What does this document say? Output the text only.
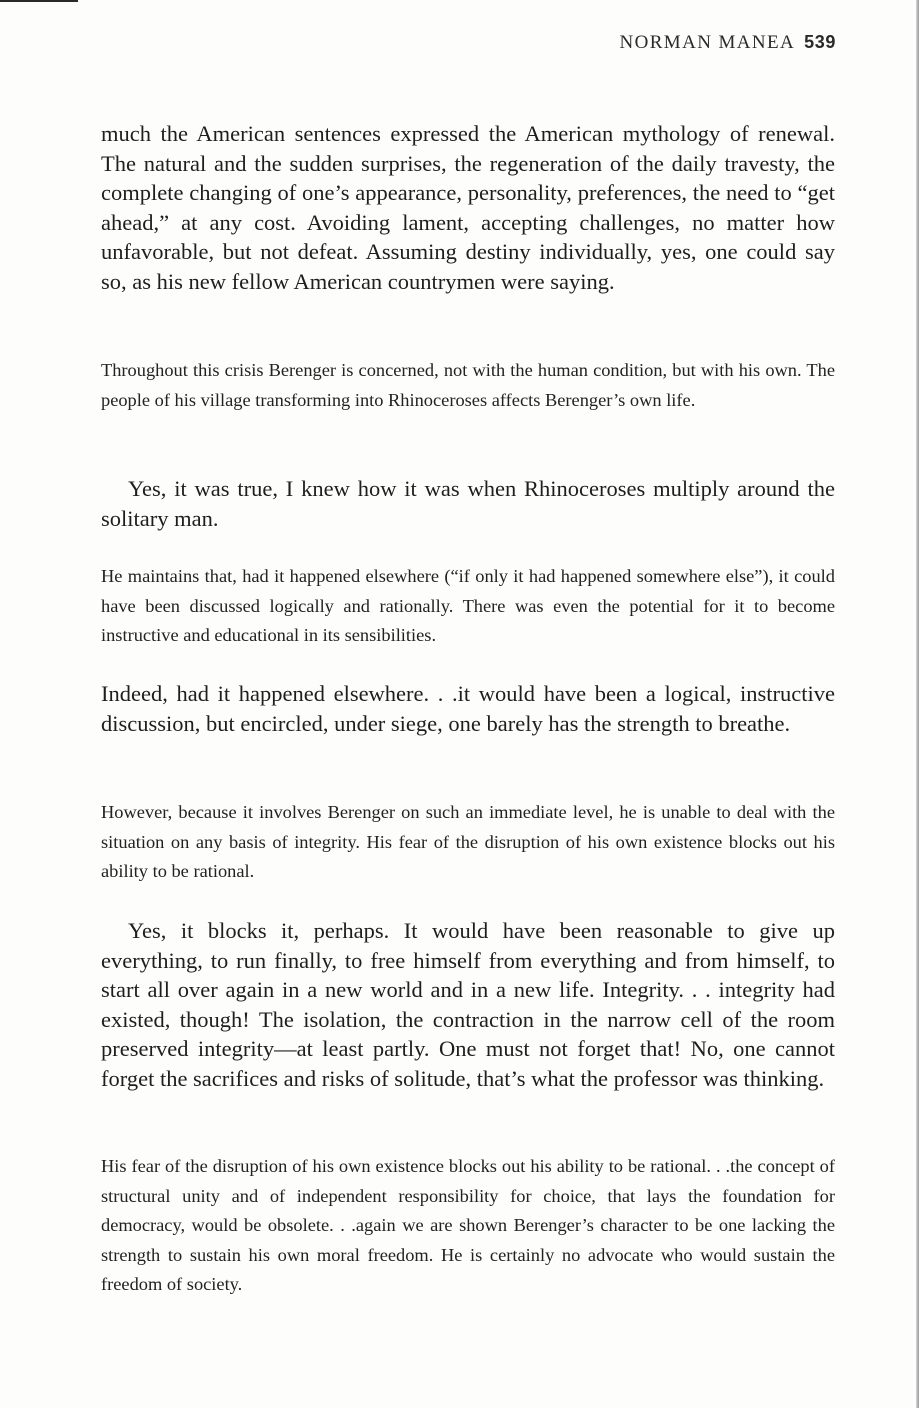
NORMAN MANEA 539

much the American sentences expressed the American mythology of renewal. The natural and the sudden surprises, the regeneration of the daily travesty, the complete changing of one’s appearance, personality, preferences, the need to “get ahead,” at any cost. Avoiding lament, accepting challenges, no matter how unfavorable, but not defeat. Assuming destiny individually, yes, one could say so, as his new fellow American countrymen were saying.

Throughout this crisis Berenger is concerned, not with the human condition, but with his own. The people of his village transforming into Rhinoceroses affects Berenger’s own life.

Yes, it was true, I knew how it was when Rhinoceroses multiply around the solitary man.

He maintains that, had it happened elsewhere (“if only it had happened somewhere else”), it could have been discussed logically and rationally. There was even the potential for it to become instructive and educational in its sensibilities.

Indeed, had it happened elsewhere. . .it would have been a logical, instructive discussion, but encircled, under siege, one barely has the strength to breathe.

However, because it involves Berenger on such an immediate level, he is unable to deal with the situation on any basis of integrity. His fear of the disruption of his own existence blocks out his ability to be rational.

Yes, it blocks it, perhaps. It would have been reasonable to give up everything, to run finally, to free himself from everything and from himself, to start all over again in a new world and in a new life. Integrity. . . integrity had existed, though! The isolation, the contraction in the narrow cell of the room preserved integrity—at least partly. One must not forget that! No, one cannot forget the sacrifices and risks of solitude, that’s what the professor was thinking.

His fear of the disruption of his own existence blocks out his ability to be rational. . .the concept of structural unity and of independent responsibility for choice, that lays the foundation for democracy, would be obsolete. . .again we are shown Berenger’s character to be one lacking the strength to sustain his own moral freedom. He is certainly no advocate who would sustain the freedom of society.
